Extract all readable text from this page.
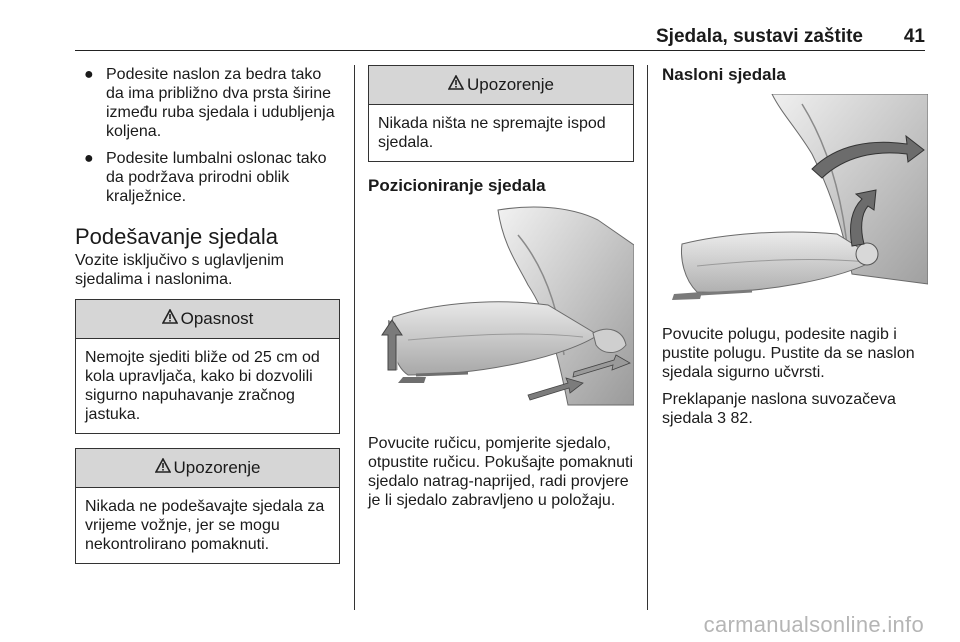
Sjedala, sustavi zaštite 41
● Podesite naslon za bedra tako da ima približno dva prsta širine između ruba sjedala i udubljenja koljena.
● Podesite lumbalni oslonac tako da podržava prirodni oblik kralježnice.
Podešavanje sjedala

Vozite isključivo s uglavljenim sjedalima i naslonima.

Opasnost
Nemojte sjediti bliže od 25 cm od kola upravljača, kako bi dozvolili sigurno napuhavanje zračnog jastuka.
Upozorenje
Nikada ne podešavajte sjedala za vrijeme vožnje, jer se mogu nekontrolirano pomaknuti.
Upozorenje
Nikada ništa ne spremajte ispod sjedala.
Pozicioniranje sjedala

Povucite ručicu, pomjerite sjedalo, otpustite ručicu. Pokušajte pomaknuti sjedalo natrag-naprijed, radi provjere je li sjedalo zabravljeno u položaju.

Nasloni sjedala

Povucite polugu, podesite nagib i pustite polugu. Pustite da se naslon sjedala sigurno učvrsti.

Preklapanje naslona suvozačeva sjedala 3 82.

carmanualsonline.info
